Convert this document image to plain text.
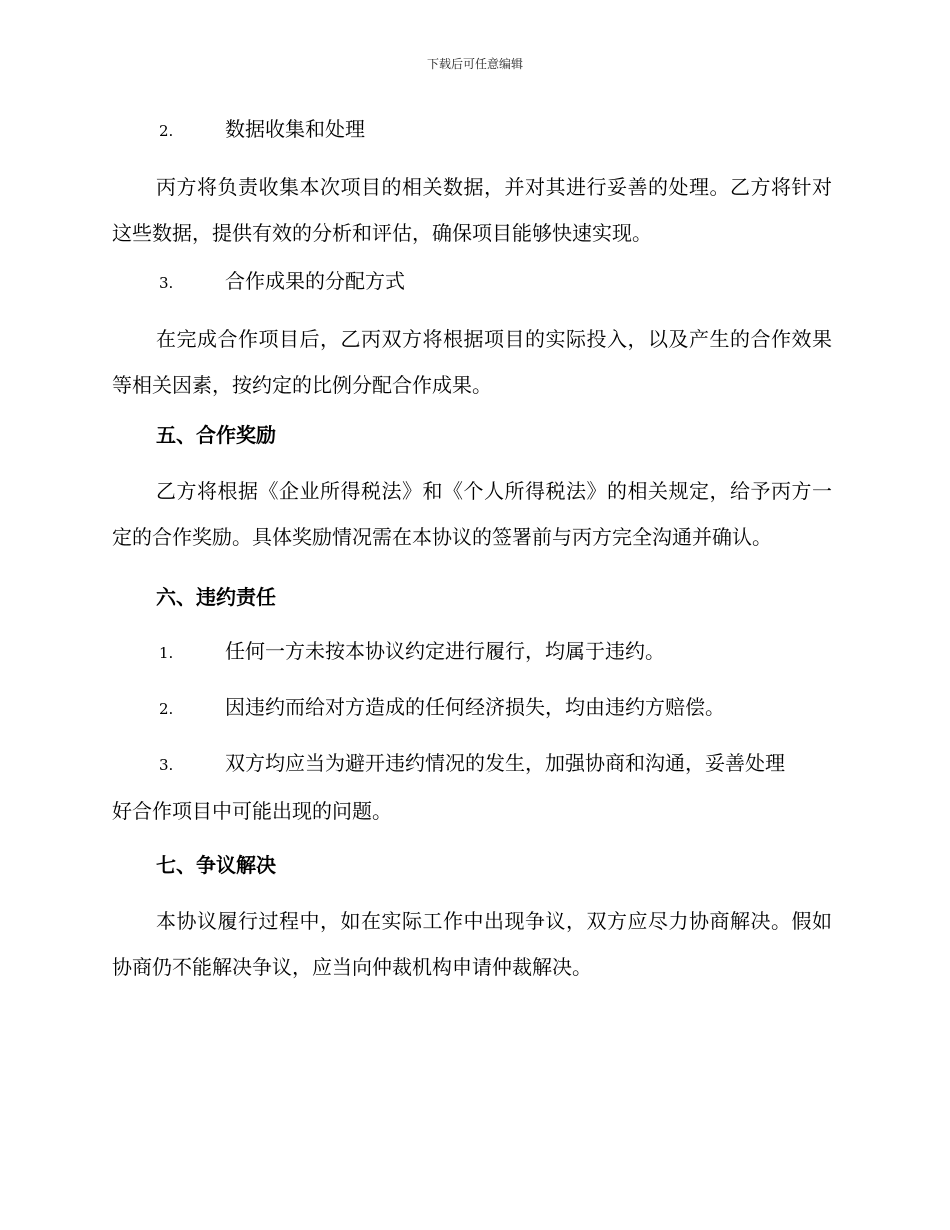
下载后可任意编辑
2.	数据收集和处理
丙方将负责收集本次项目的相关数据，并对其进行妥善的处理。乙方将针对这些数据，提供有效的分析和评估，确保项目能够快速实现。
3.	合作成果的分配方式
在完成合作项目后，乙丙双方将根据项目的实际投入，以及产生的合作效果等相关因素，按约定的比例分配合作成果。
五、合作奖励
乙方将根据《企业所得税法》和《个人所得税法》的相关规定，给予丙方一定的合作奖励。具体奖励情况需在本协议的签署前与丙方完全沟通并确认。
六、违约责任
1.	任何一方未按本协议约定进行履行，均属于违约。
2.	因违约而给对方造成的任何经济损失，均由违约方赔偿。
3.	双方均应当为避开违约情况的发生，加强协商和沟通，妥善处理
好合作项目中可能出现的问题。
七、争议解决
本协议履行过程中，如在实际工作中出现争议，双方应尽力协商解决。假如协商仍不能解决争议，应当向仲裁机构申请仲裁解决。
